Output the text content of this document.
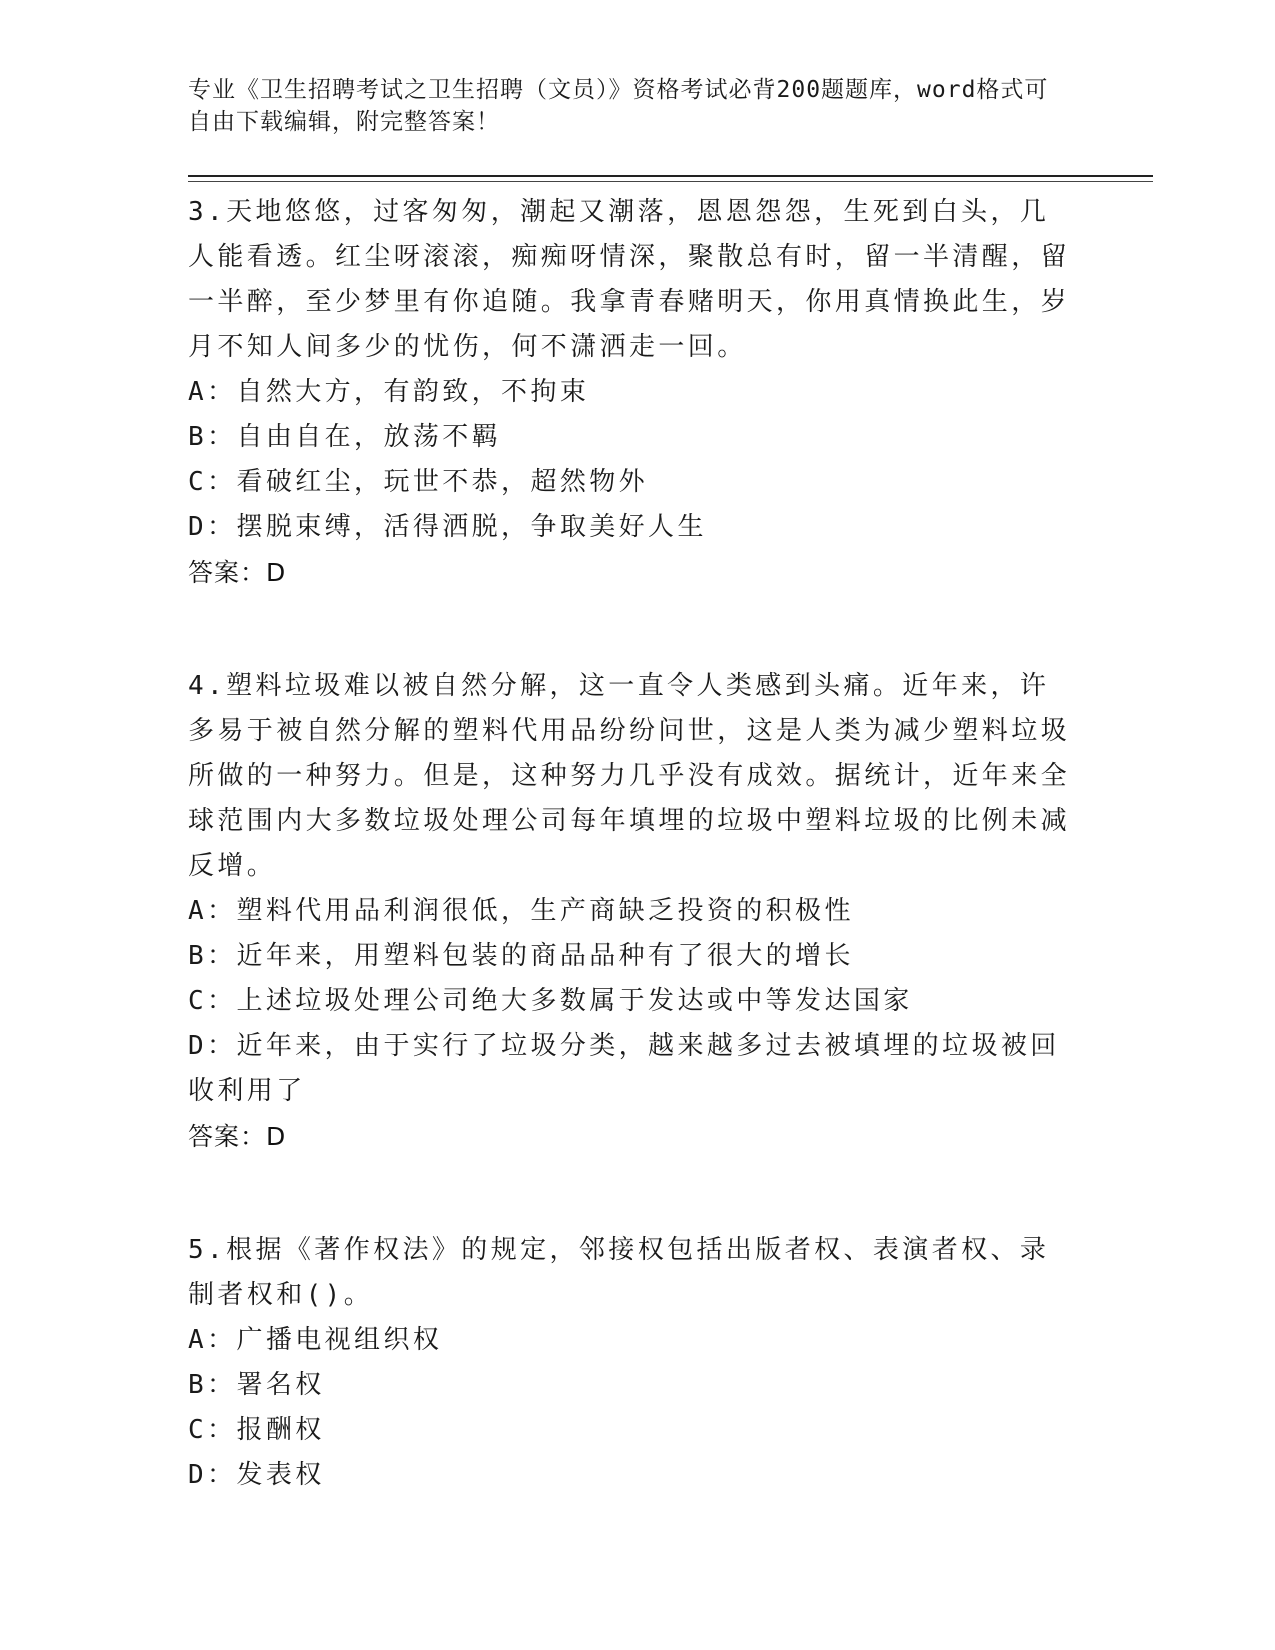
专业《卫生招聘考试之卫生招聘（文员）》资格考试必背200题题库，word格式可自由下载编辑，附完整答案！
3.天地悠悠，过客匆匆，潮起又潮落，恩恩怨怨，生死到白头，几人能看透。红尘呀滚滚，痴痴呀情深，聚散总有时，留一半清醒，留一半醉，至少梦里有你追随。我拿青春赌明天，你用真情换此生，岁月不知人间多少的忧伤，何不潇洒走一回。
A：自然大方，有韵致，不拘束
B：自由自在，放荡不羁
C：看破红尘，玩世不恭，超然物外
D：摆脱束缚，活得洒脱，争取美好人生
答案：D
4.塑料垃圾难以被自然分解，这一直令人类感到头痛。近年来，许多易于被自然分解的塑料代用品纷纷问世，这是人类为减少塑料垃圾所做的一种努力。但是，这种努力几乎没有成效。据统计，近年来全球范围内大多数垃圾处理公司每年填埋的垃圾中塑料垃圾的比例未减反增。
A：塑料代用品利润很低，生产商缺乏投资的积极性
B：近年来，用塑料包装的商品品种有了很大的增长
C：上述垃圾处理公司绝大多数属于发达或中等发达国家
D：近年来，由于实行了垃圾分类，越来越多过去被填埋的垃圾被回收利用了
答案：D
5.根据《著作权法》的规定，邻接权包括出版者权、表演者权、录制者权和()。
A：广播电视组织权
B：署名权
C：报酬权
D：发表权
